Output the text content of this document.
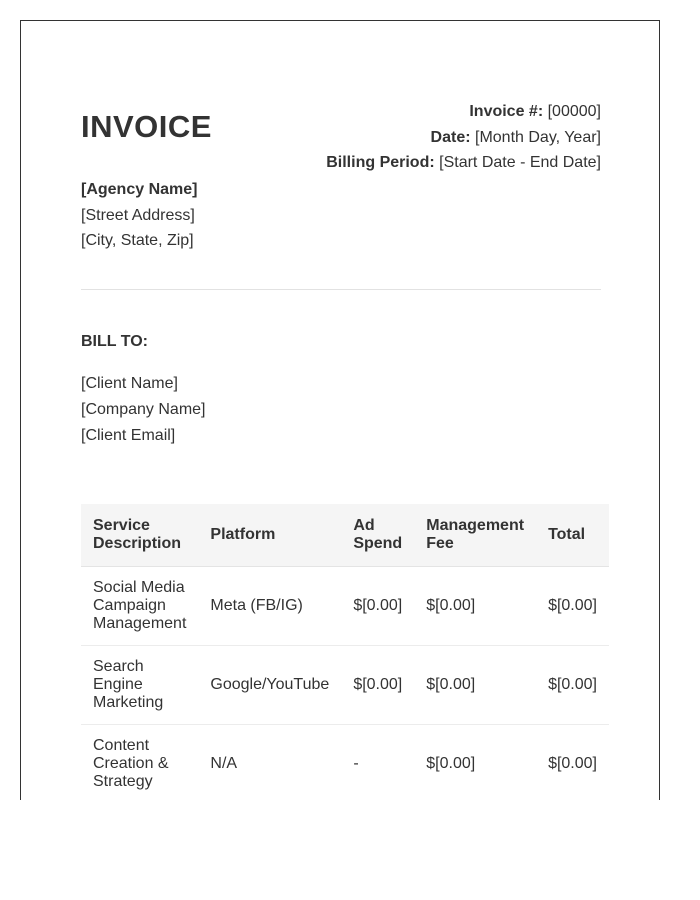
INVOICE	Invoice #: [00000]
Date: [Month Day, Year]
Billing Period: [Start Date - End Date]
[Agency Name]
[Street Address]
[City, State, Zip]
BILL TO:
[Client Name]
[Company Name]
[Client Email]
Service Description	Platform	Ad Spend	Management Fee	Total
Social Media Campaign Management	Meta (FB/IG)	$[0.00]	$[0.00]	$[0.00]
Search Engine Marketing	Google/YouTube	$[0.00]	$[0.00]	$[0.00]
Content Creation & Strategy	N/A	-	$[0.00]	$[0.00]
